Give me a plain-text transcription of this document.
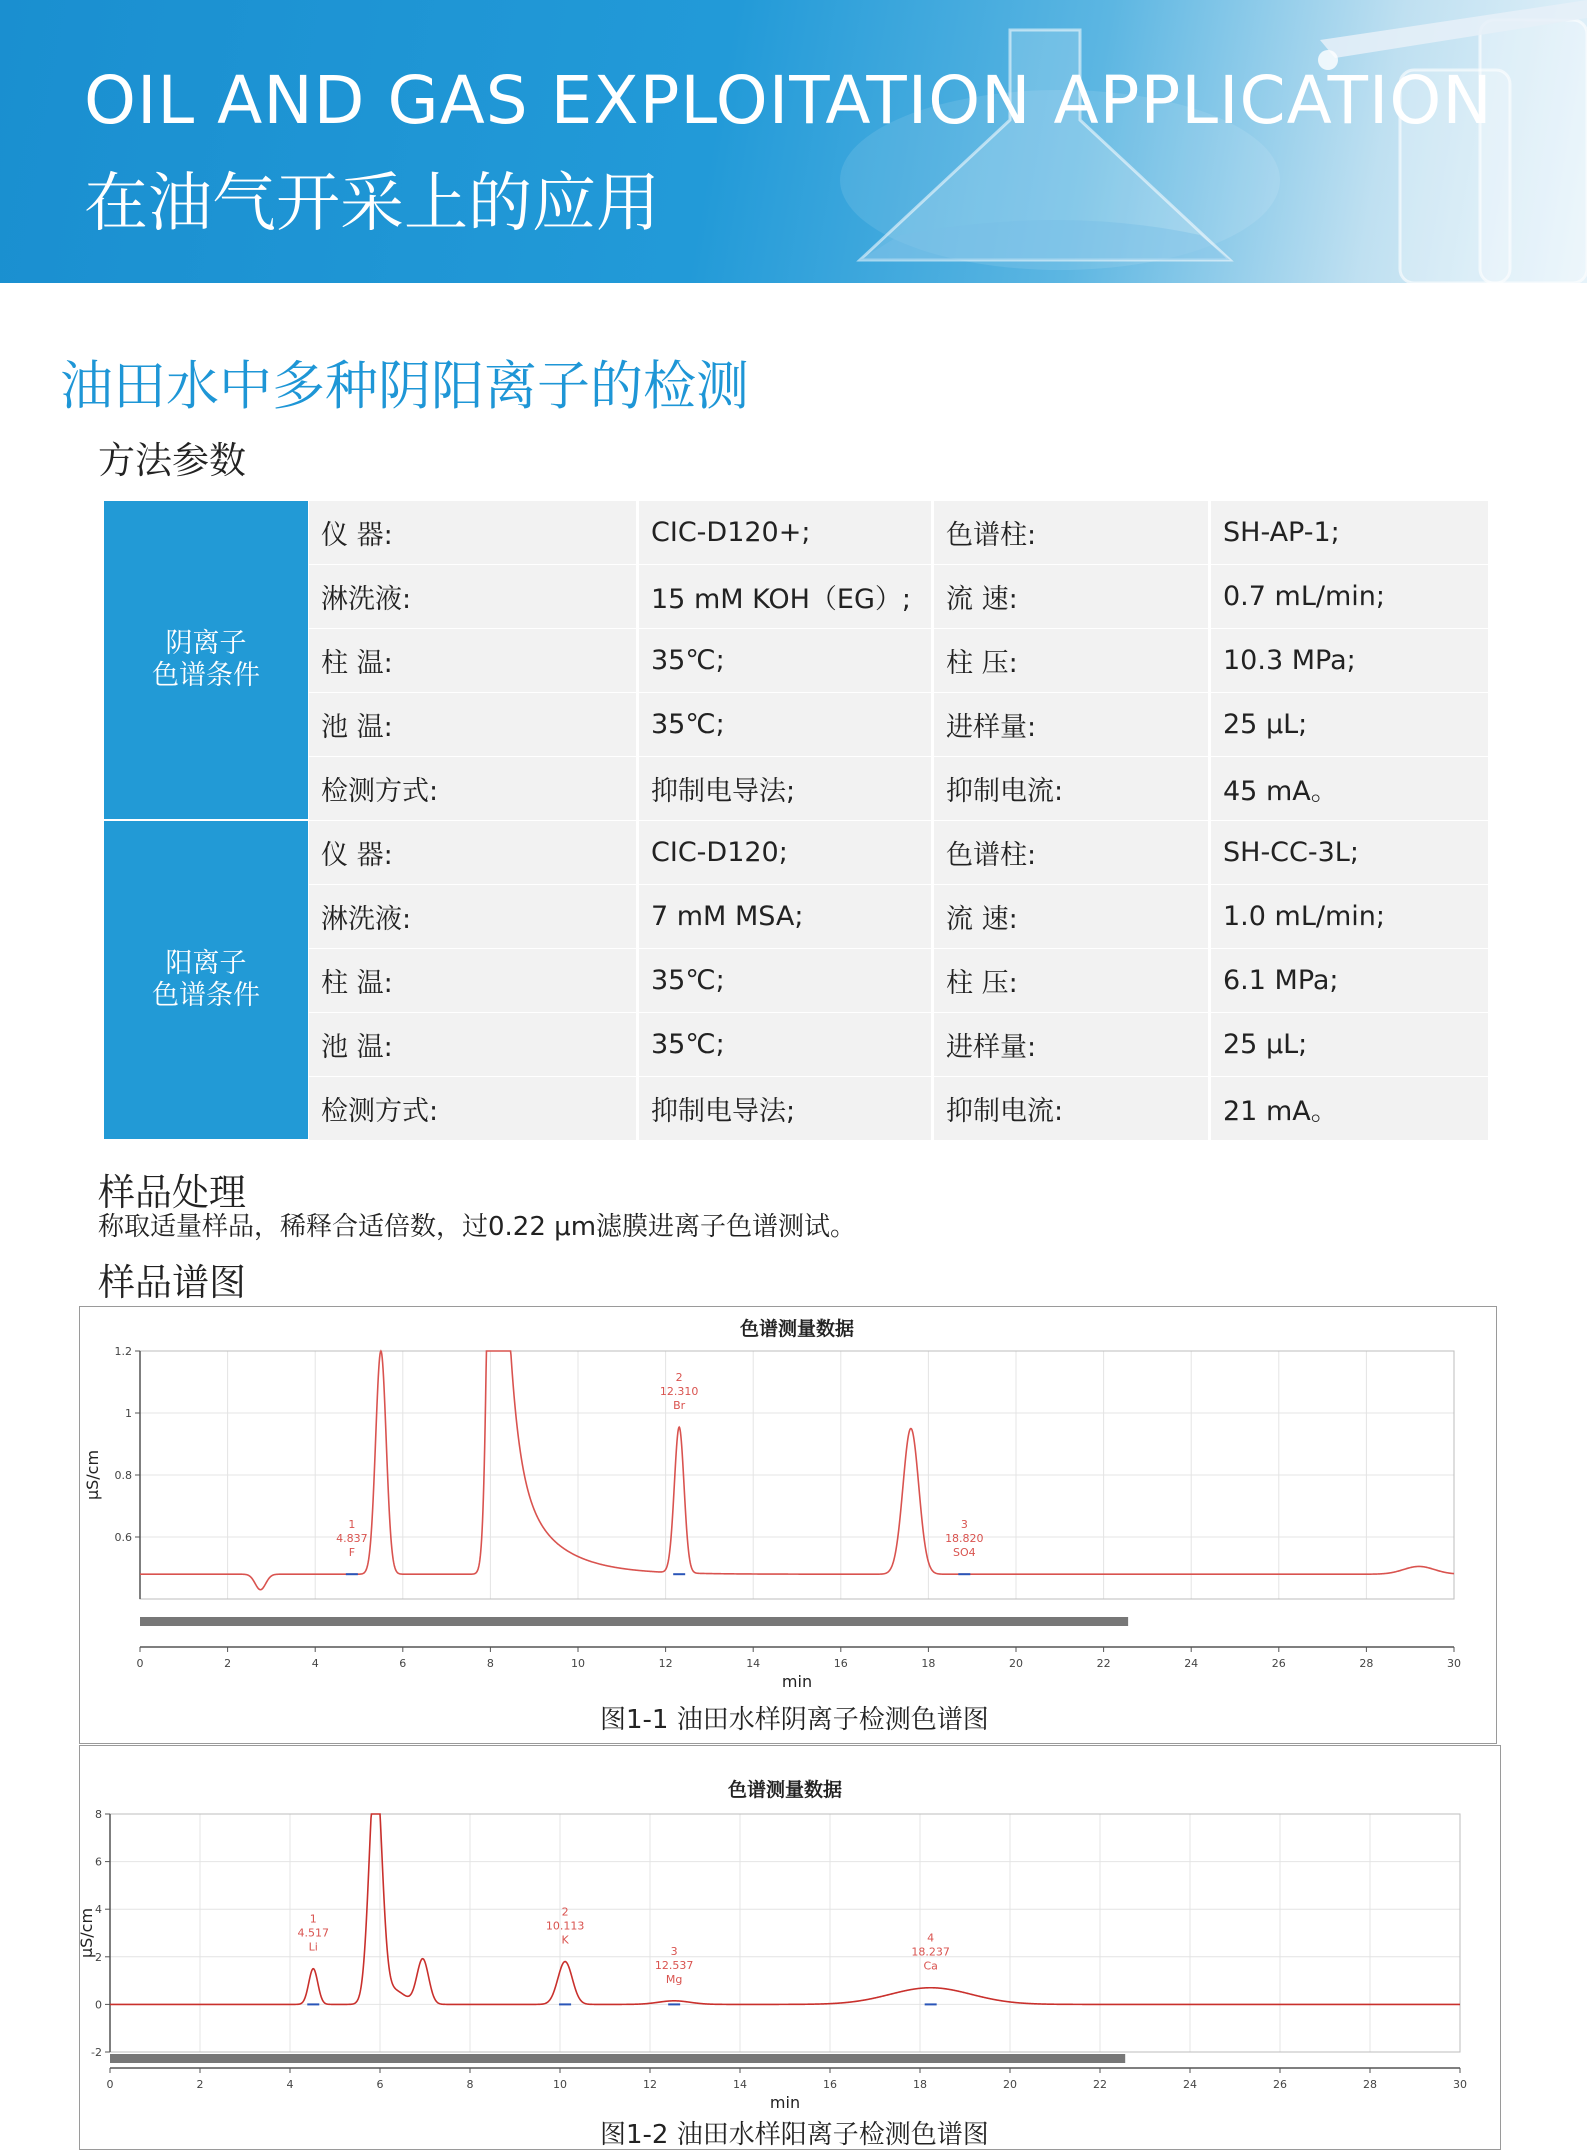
OIL AND GAS EXPLOITATION APPLICATION
在油气开采上的应用
油田水中多种阴阳离子的检测
方法参数
阴离子
色谱条件	仪 器:	CIC-D120+;	色谱柱:	SH-AP-1;
	淋洗液:	15 mM KOH（EG）;	流 速:	0.7 mL/min;
	柱 温:	35℃;	柱 压:	10.3 MPa;
	池 温:	35℃;	进样量:	25 μL;
	检测方式:	抑制电导法;	抑制电流:	45 mA。

阳离子
色谱条件	仪 器:	CIC-D120;	色谱柱:	SH-CC-3L;
	淋洗液:	7 mM MSA;	流 速:	1.0 mL/min;
	柱 温:	35℃;	柱 压:	6.1 MPa;
	池 温:	35℃;	进样量:	25 μL;
	检测方式:	抑制电导法;	抑制电流:	21 mA。
样品处理
称取适量样品，稀释合适倍数，过0.22 μm滤膜进离子色谱测试。
样品谱图
色谱测量数据
0.6
0.8
1
1.2
0	2	4	6	8	10	12	14	16	18	20	22	24	26	28	30
min
μS/cm
1
4.837
F
2
12.310
Br
3
18.820
SO4
图1-1 油田水样阴离子检测色谱图
色谱测量数据
-2
0
2
4
6
8
0	2	4	6	8	10	12	14	16	18	20	22	24	26	28	30
min
μS/cm	1
4.517
Li
2
10.113
K
3
12.537
Mg
4
18.237
Ca
图1-2 油田水样阳离子检测色谱图
